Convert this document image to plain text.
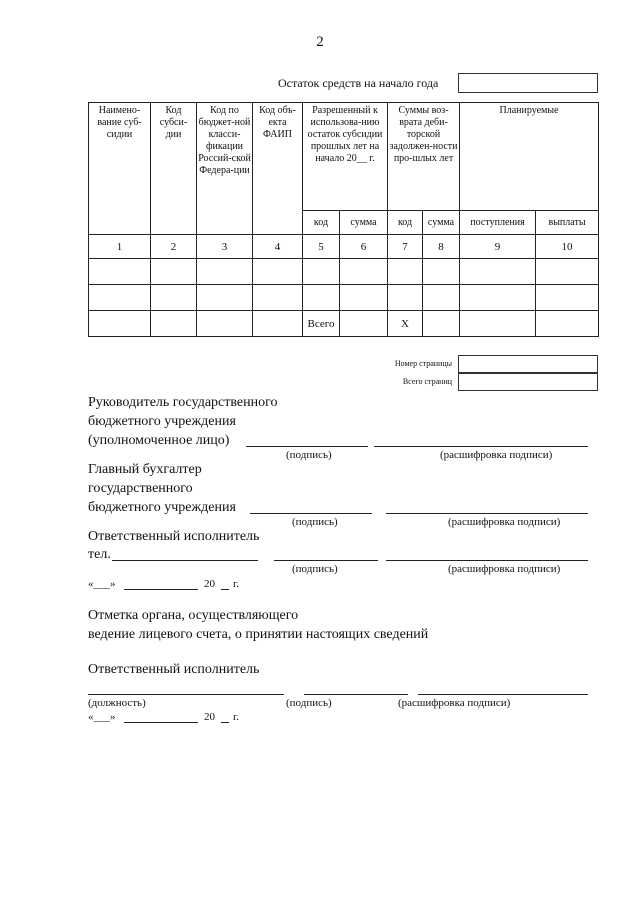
2
Остаток средств на начало года
Наимено-вание суб-сидии	Код субси-дии	Код по бюджет-ной класси-фикации Россий-ской Федера-ции	Код объ-екта ФАИП	Разрешенный к использова-нию остаток субсидии прошлых лет на начало 20__ г.		Суммы воз-врата деби-торской задолжен-ности про-шлых лет		Планируемые	
				код	сумма	код	сумма	поступления	выплаты
1	2	3	4	5	6	7	8	9	10

				Всего		X			
Номер страницы
Всего страниц
Руководитель государственного
бюджетного учреждения
(уполномоченное лицо)
(подпись)	(расшифровка подписи)
Главный бухгалтер
государственного
бюджетного учреждения
(подпись)	(расшифровка подписи)
Ответственный исполнитель
тел.
(подпись)	(расшифровка подписи)
«___»	20 г.
Отметка органа, осуществляющего
ведение лицевого счета, о принятии настоящих сведений
Ответственный исполнитель
(должность)	(подпись)	(расшифровка подписи)
«___»	20 г.
